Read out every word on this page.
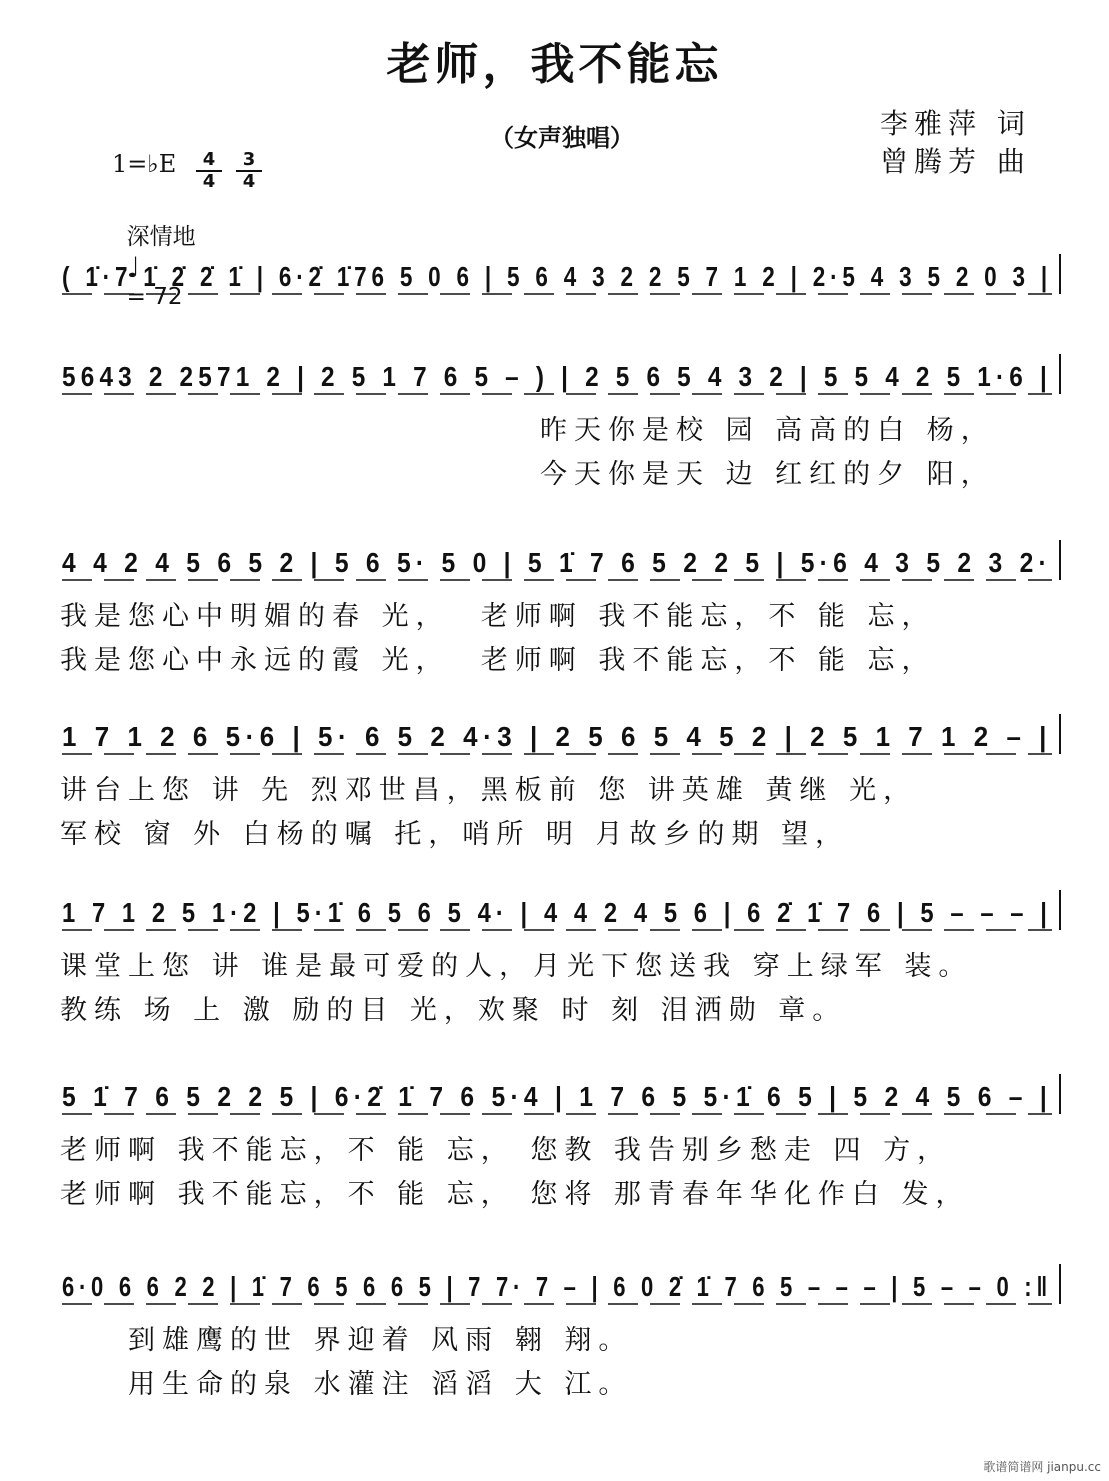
老师，我不能忘
（女声独唱）	李雅萍 词
曾腾芳 曲
1=♭E	4
4
3
4

深情地
♩
= 72

( 1̇·7 1̇ 2̇ 2̇ 1̇ | 6·2̇ 1̇76 5 0 6 | 5 6 4 3 2 2 5 7 1 2 | 2·5 4 3 5 2 0 3 |
5643 2 2571 2 | 2 5 1 7 6 5 – ) | 2 5 6 5 4 3 2 | 5 5 4 2 5 1·6 |
昨天你是校 园 高高的白 杨，
今天你是天 边 红红的夕 阳，
4 4 2 4 5 6 5 2 | 5 6 5· 5 0 | 5 1̇ 7 6 5 2 2 5 | 5·6 4 3 5 2 3 2·
我是您心中明媚的春 光，  老师啊 我不能忘，不 能 忘，
我是您心中永远的霞 光，  老师啊 我不能忘，不 能 忘，
1 7 1 2 6 5·6 | 5· 6 5 2 4·3 | 2 5 6 5 4 5 2 | 2 5 1 7 1 2 – |
讲台上您 讲 先 烈邓世昌，黑板前 您 讲英雄 黄继 光，
军校 窗 外 白杨的嘱 托，哨所 明 月故乡的期 望，
1 7 1 2 5 1·2 | 5·1̇ 6 5 6 5 4· | 4 4 2 4 5 6 | 6 2̇ 1̇ 7 6 | 5 – – – |
课堂上您 讲 谁是最可爱的人，月光下您送我 穿上绿军 装。
教练 场 上 激 励的目 光，欢聚 时 刻 泪洒勋 章。
5 1̇ 7 6 5 2 2 5 | 6·2̇ 1̇ 7 6 5·4 | 1 7 6 5 5·1̇ 6 5 | 5 2 4 5 6 – |
老师啊 我不能忘，不 能 忘， 您教 我告别乡愁走 四 方，
老师啊 我不能忘，不 能 忘， 您将 那青春年华化作白 发，
6·0 6 6 2 2 | 1̇ 7 6 5 6 6 5 | 7 7· 7 – | 6 0 2̇ 1̇ 7 6 5 – – – | 5 – – 0 :‖
到雄鹰的世 界迎着 风雨 翱 翔。
用生命的泉 水灌注 滔滔 大 江。
歌谱简谱网 jianpu.cc
